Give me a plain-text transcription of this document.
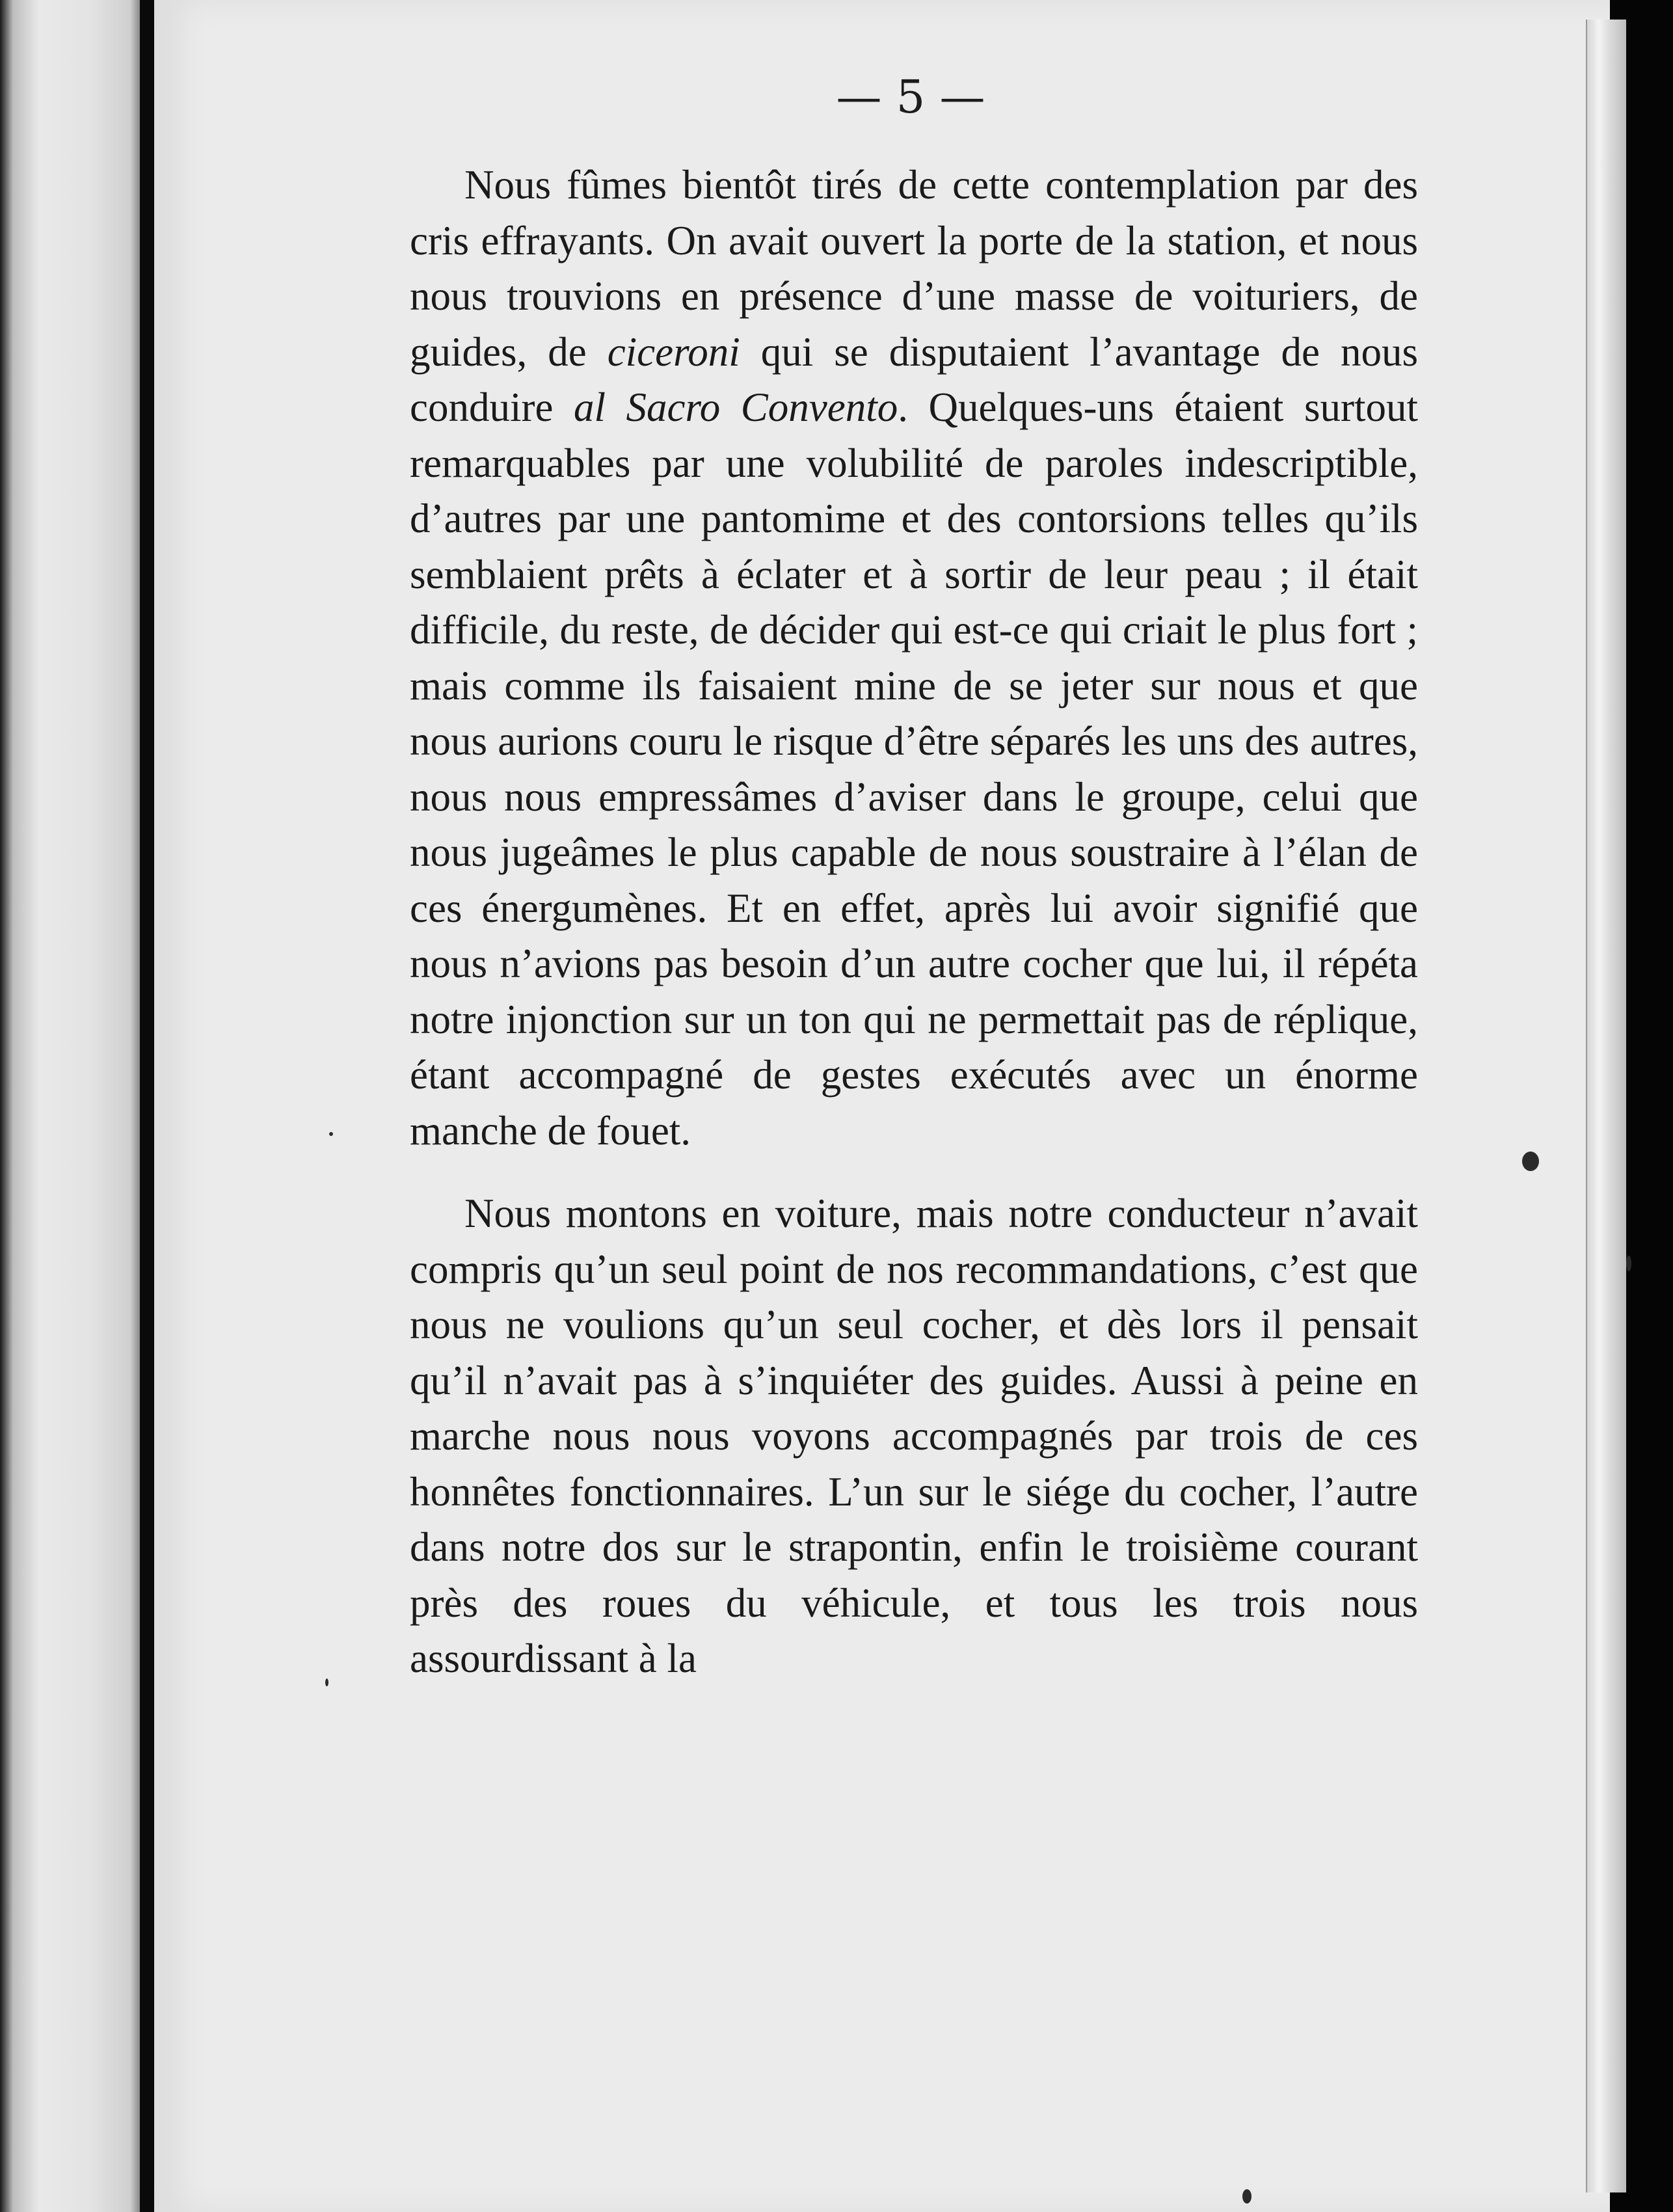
— 5 —

Nous fûmes bientôt tirés de cette contemplation par des cris effrayants. On avait ouvert la porte de la station, et nous nous trouvions en présence d’une masse de voituriers, de guides, de ciceroni qui se disputaient l’avantage de nous conduire al Sacro Convento. Quelques-uns étaient surtout remarquables par une volubilité de paroles indescriptible, d’autres par une pantomime et des contorsions telles qu’ils semblaient prêts à éclater et à sortir de leur peau ; il était difficile, du reste, de décider qui est-ce qui criait le plus fort ; mais comme ils faisaient mine de se jeter sur nous et que nous aurions couru le risque d’être séparés les uns des autres, nous nous empressâmes d’aviser dans le groupe, celui que nous jugeâmes le plus capable de nous soustraire à l’élan de ces énergumènes. Et en effet, après lui avoir signifié que nous n’avions pas besoin d’un autre cocher que lui, il répéta notre injonction sur un ton qui ne permettait pas de réplique, étant accompagné de gestes exécutés avec un énorme manche de fouet.

Nous montons en voiture, mais notre conducteur n’avait compris qu’un seul point de nos recommandations, c’est que nous ne voulions qu’un seul cocher, et dès lors il pensait qu’il n’avait pas à s’inquiéter des guides. Aussi à peine en marche nous nous voyons accompagnés par trois de ces honnêtes fonctionnaires. L’un sur le siége du cocher, l’autre dans notre dos sur le strapontin, enfin le troisième courant près des roues du véhicule, et tous les trois nous assourdissant à la
